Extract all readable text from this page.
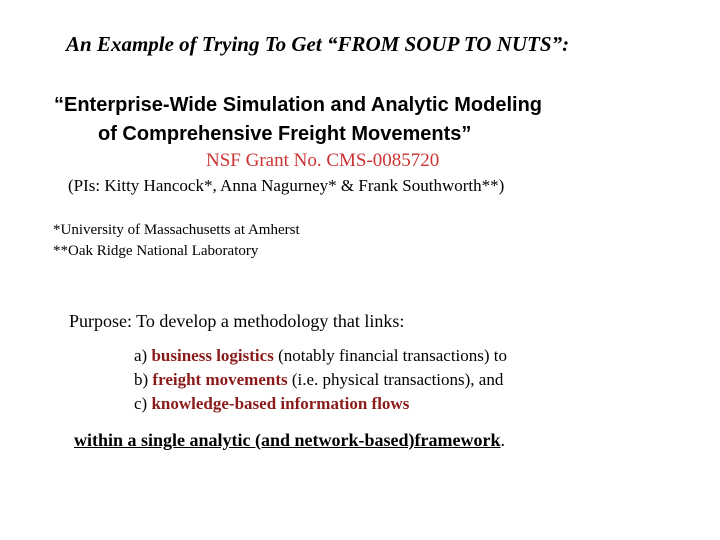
An Example of Trying To Get “FROM SOUP TO NUTS”:
“Enterprise-Wide Simulation and Analytic Modeling
of Comprehensive Freight Movements”
NSF Grant No. CMS-0085720
(PIs: Kitty Hancock*, Anna Nagurney* & Frank Southworth**)
*University of Massachusetts at Amherst
**Oak Ridge National Laboratory
Purpose: To develop a methodology that links:
a) business logistics (notably financial transactions) to
b) freight movements (i.e. physical transactions), and
c) knowledge-based information flows
within a single analytic (and network-based)framework.
